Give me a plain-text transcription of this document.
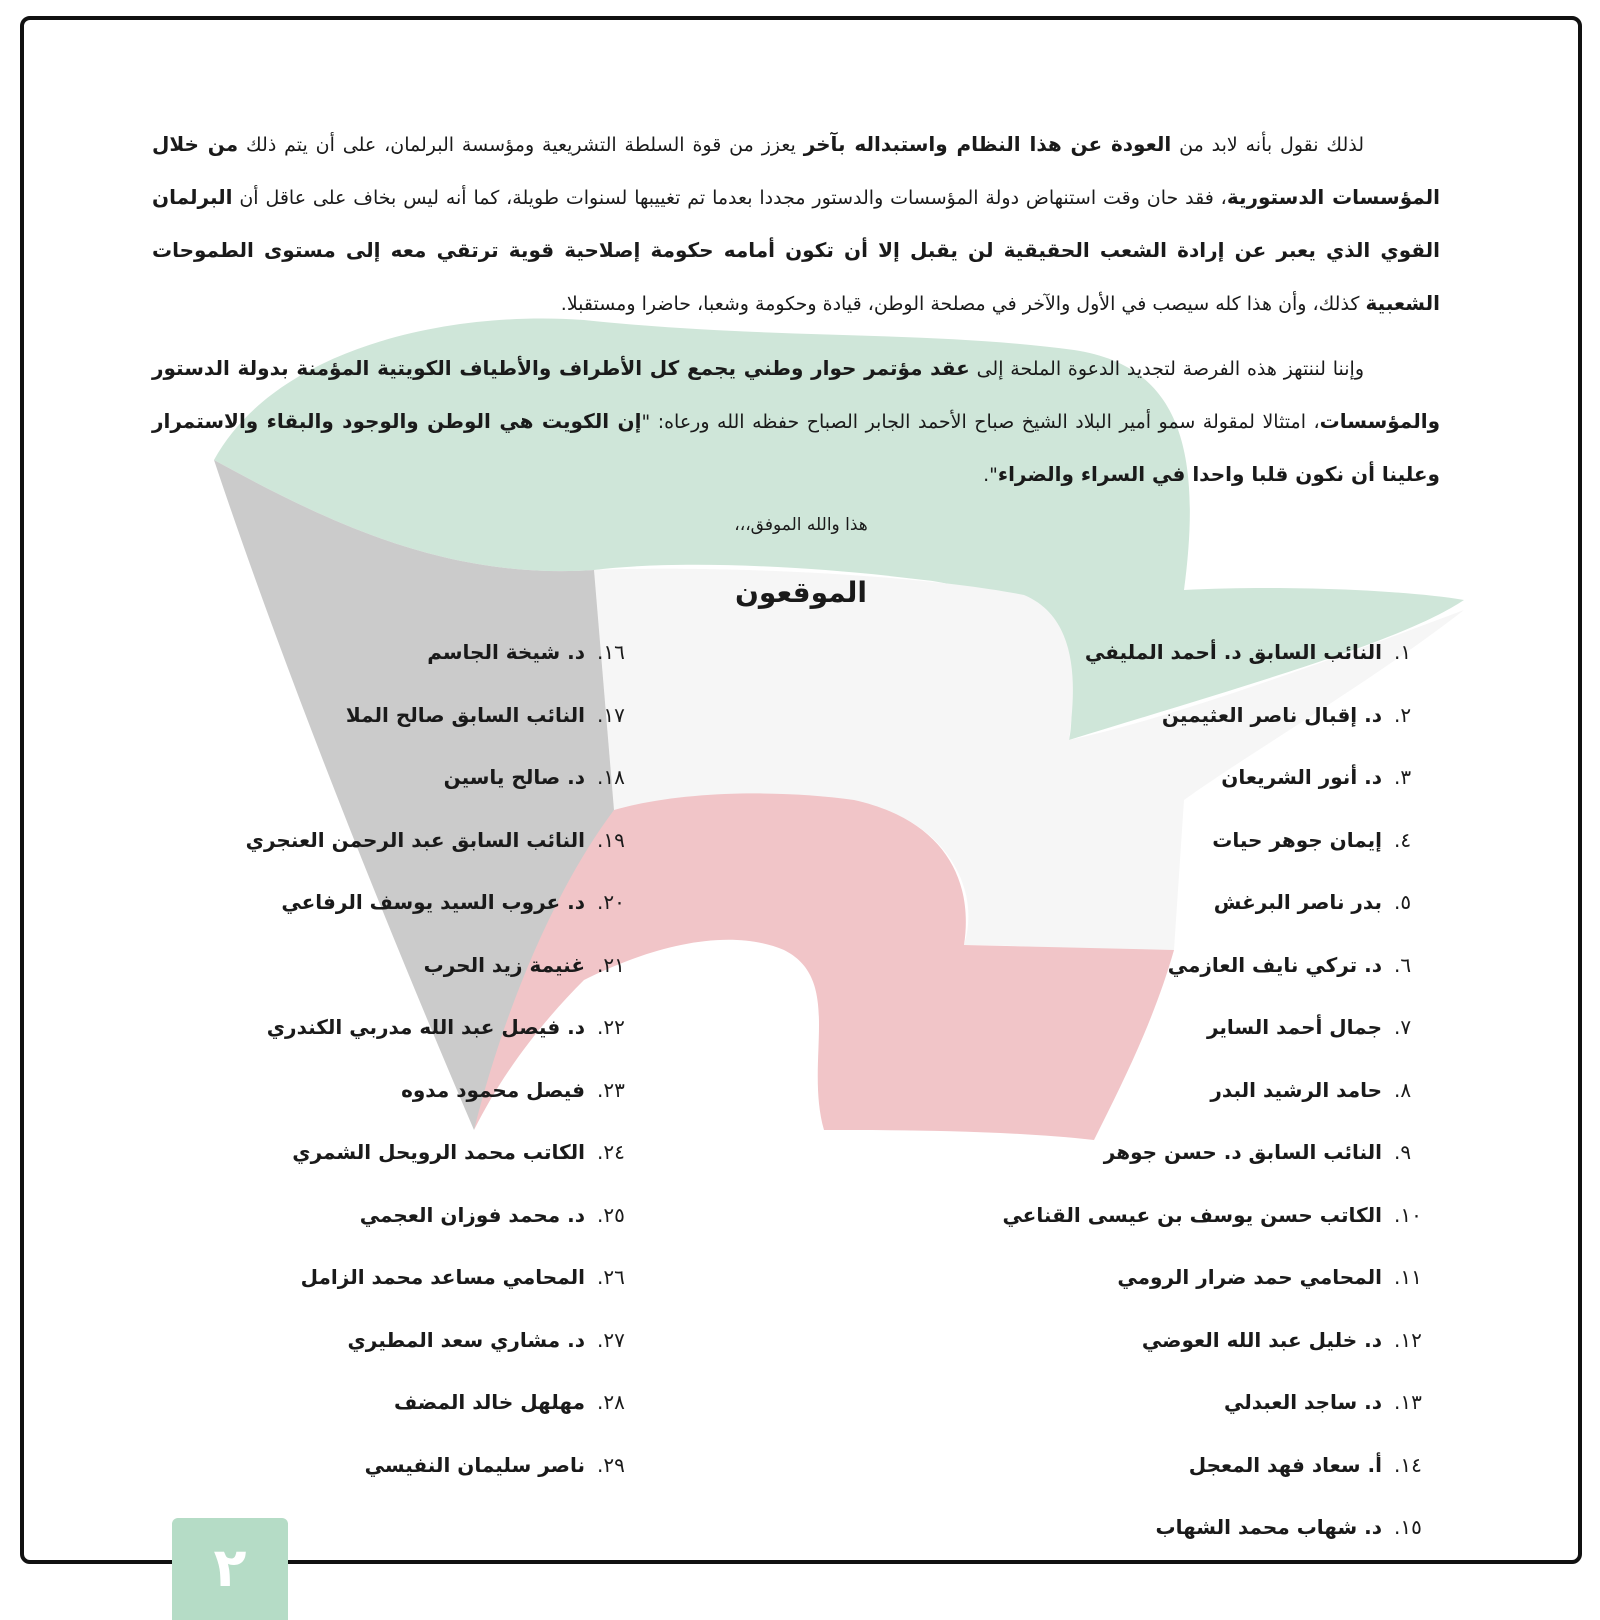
لذلك نقول بأنه لابد من العودة عن هذا النظام واستبداله بآخر يعزز من قوة السلطة التشريعية ومؤسسة البرلمان، على أن يتم ذلك من خلال المؤسسات الدستورية، فقد حان وقت استنهاض دولة المؤسسات والدستور مجددا بعدما تم تغييبها لسنوات طويلة، كما أنه ليس بخاف على عاقل أن البرلمان القوي الذي يعبر عن إرادة الشعب الحقيقية لن يقبل إلا أن تكون أمامه حكومة إصلاحية قوية ترتقي معه إلى مستوى الطموحات الشعبية كذلك، وأن هذا كله سيصب في الأول والآخر في مصلحة الوطن، قيادة وحكومة وشعبا، حاضرا ومستقبلا.

وإننا لننتهز هذه الفرصة لتجديد الدعوة الملحة إلى عقد مؤتمر حوار وطني يجمع كل الأطراف والأطياف الكويتية المؤمنة بدولة الدستور والمؤسسات، امتثالا لمقولة سمو أمير البلاد الشيخ صباح الأحمد الجابر الصباح حفظه الله ورعاه: "إن الكويت هي الوطن والوجود والبقاء والاستمرار وعلينا أن نكون قلبا واحدا في السراء والضراء".

هذا والله الموفق،،،

الموقعون
١.النائب السابق د. أحمد المليفي
٢.د. إقبال ناصر العثيمين
٣.د. أنور الشريعان
٤.إيمان جوهر حيات
٥.بدر ناصر البرغش
٦.د. تركي نايف العازمي
٧.جمال أحمد الساير
٨.حامد الرشيد البدر
٩.النائب السابق د. حسن جوهر
١٠.الكاتب حسن يوسف بن عيسى القناعي
١١.المحامي حمد ضرار الرومي
١٢.د. خليل عبد الله العوضي
١٣.د. ساجد العبدلي
١٤.أ. سعاد فهد المعجل
١٥.د. شهاب محمد الشهاب
١٦.د. شيخة الجاسم
١٧.النائب السابق صالح الملا
١٨.د. صالح ياسين
١٩.النائب السابق عبد الرحمن العنجري
٢٠.د. عروب السيد يوسف الرفاعي
٢١.غنيمة زيد الحرب
٢٢.د. فيصل عبد الله مدربي الكندري
٢٣.فيصل محمود مدوه
٢٤.الكاتب محمد الرويحل الشمري
٢٥.د. محمد فوزان العجمي
٢٦.المحامي مساعد محمد الزامل
٢٧.د. مشاري سعد المطيري
٢٨.مهلهل خالد المضف
٢٩.ناصر سليمان النفيسي
٢
